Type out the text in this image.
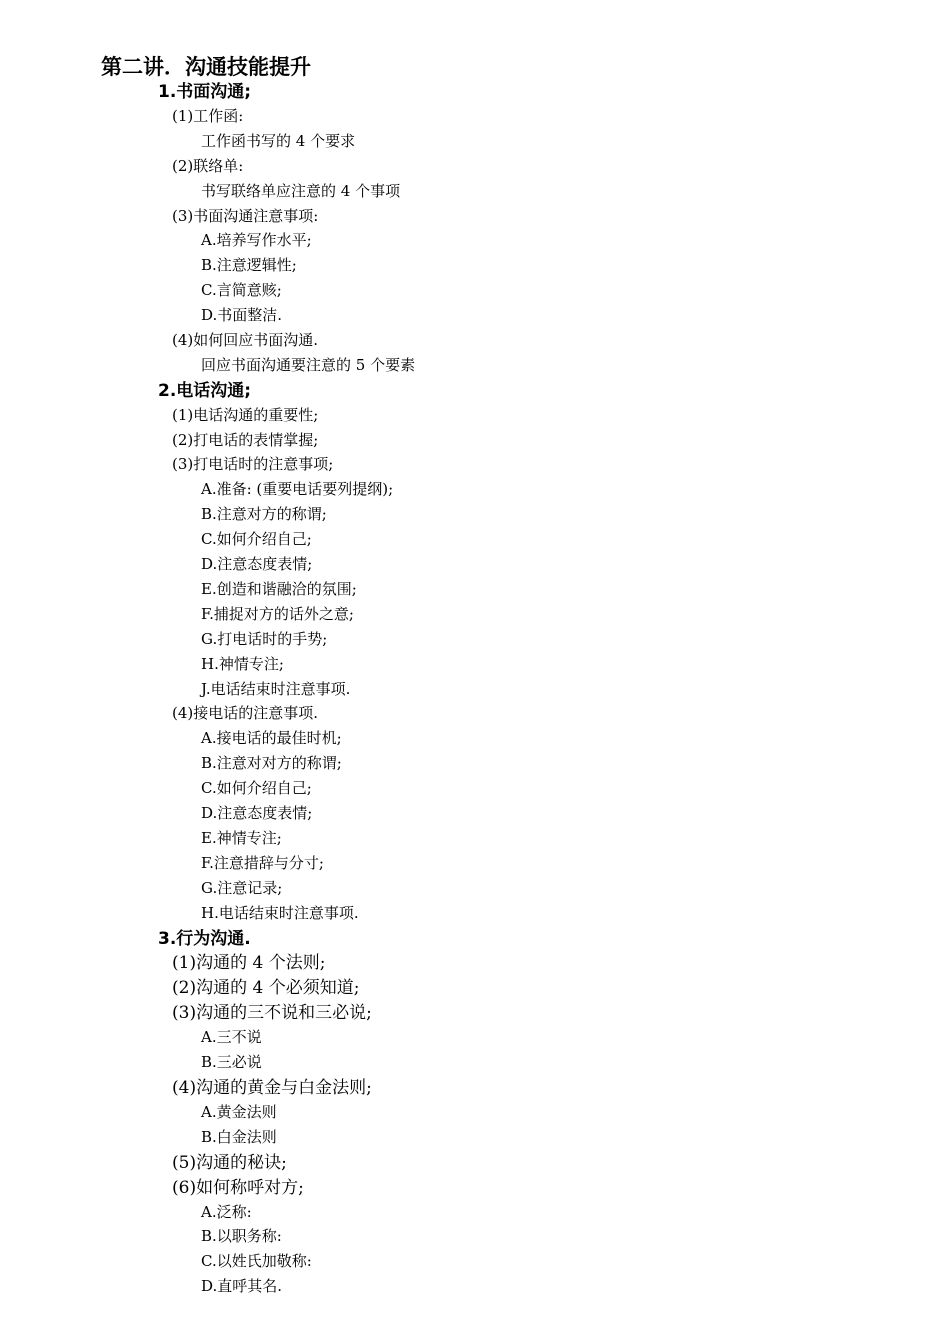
第二讲．沟通技能提升
1.书面沟通;
(1)工作函:
工作函书写的 4 个要求
(2)联络单:
书写联络单应注意的 4 个事项
(3)书面沟通注意事项:
A.培养写作水平;
B.注意逻辑性;
C.言简意赅;
D.书面整洁.
(4)如何回应书面沟通.
回应书面沟通要注意的 5 个要素
2.电话沟通;
(1)电话沟通的重要性;
(2)打电话的表情掌握;
(3)打电话时的注意事项;
A.准备: (重要电话要列提纲);
B.注意对方的称谓;
C.如何介绍自己;
D.注意态度表情;
E.创造和谐融洽的氛围;
F.捕捉对方的话外之意;
G.打电话时的手势;
H.神情专注;
J.电话结束时注意事项.
(4)接电话的注意事项.
A.接电话的最佳时机;
B.注意对对方的称谓;
C.如何介绍自己;
D.注意态度表情;
E.神情专注;
F.注意措辞与分寸;
G.注意记录;
H.电话结束时注意事项.
3.行为沟通.
(1)沟通的 4 个法则;
(2)沟通的 4 个必须知道;
(3)沟通的三不说和三必说;
A.三不说
B.三必说
(4)沟通的黄金与白金法则;
A.黄金法则
B.白金法则
(5)沟通的秘诀;
(6)如何称呼对方;
A.泛称:
B.以职务称:
C.以姓氏加敬称:
D.直呼其名.
